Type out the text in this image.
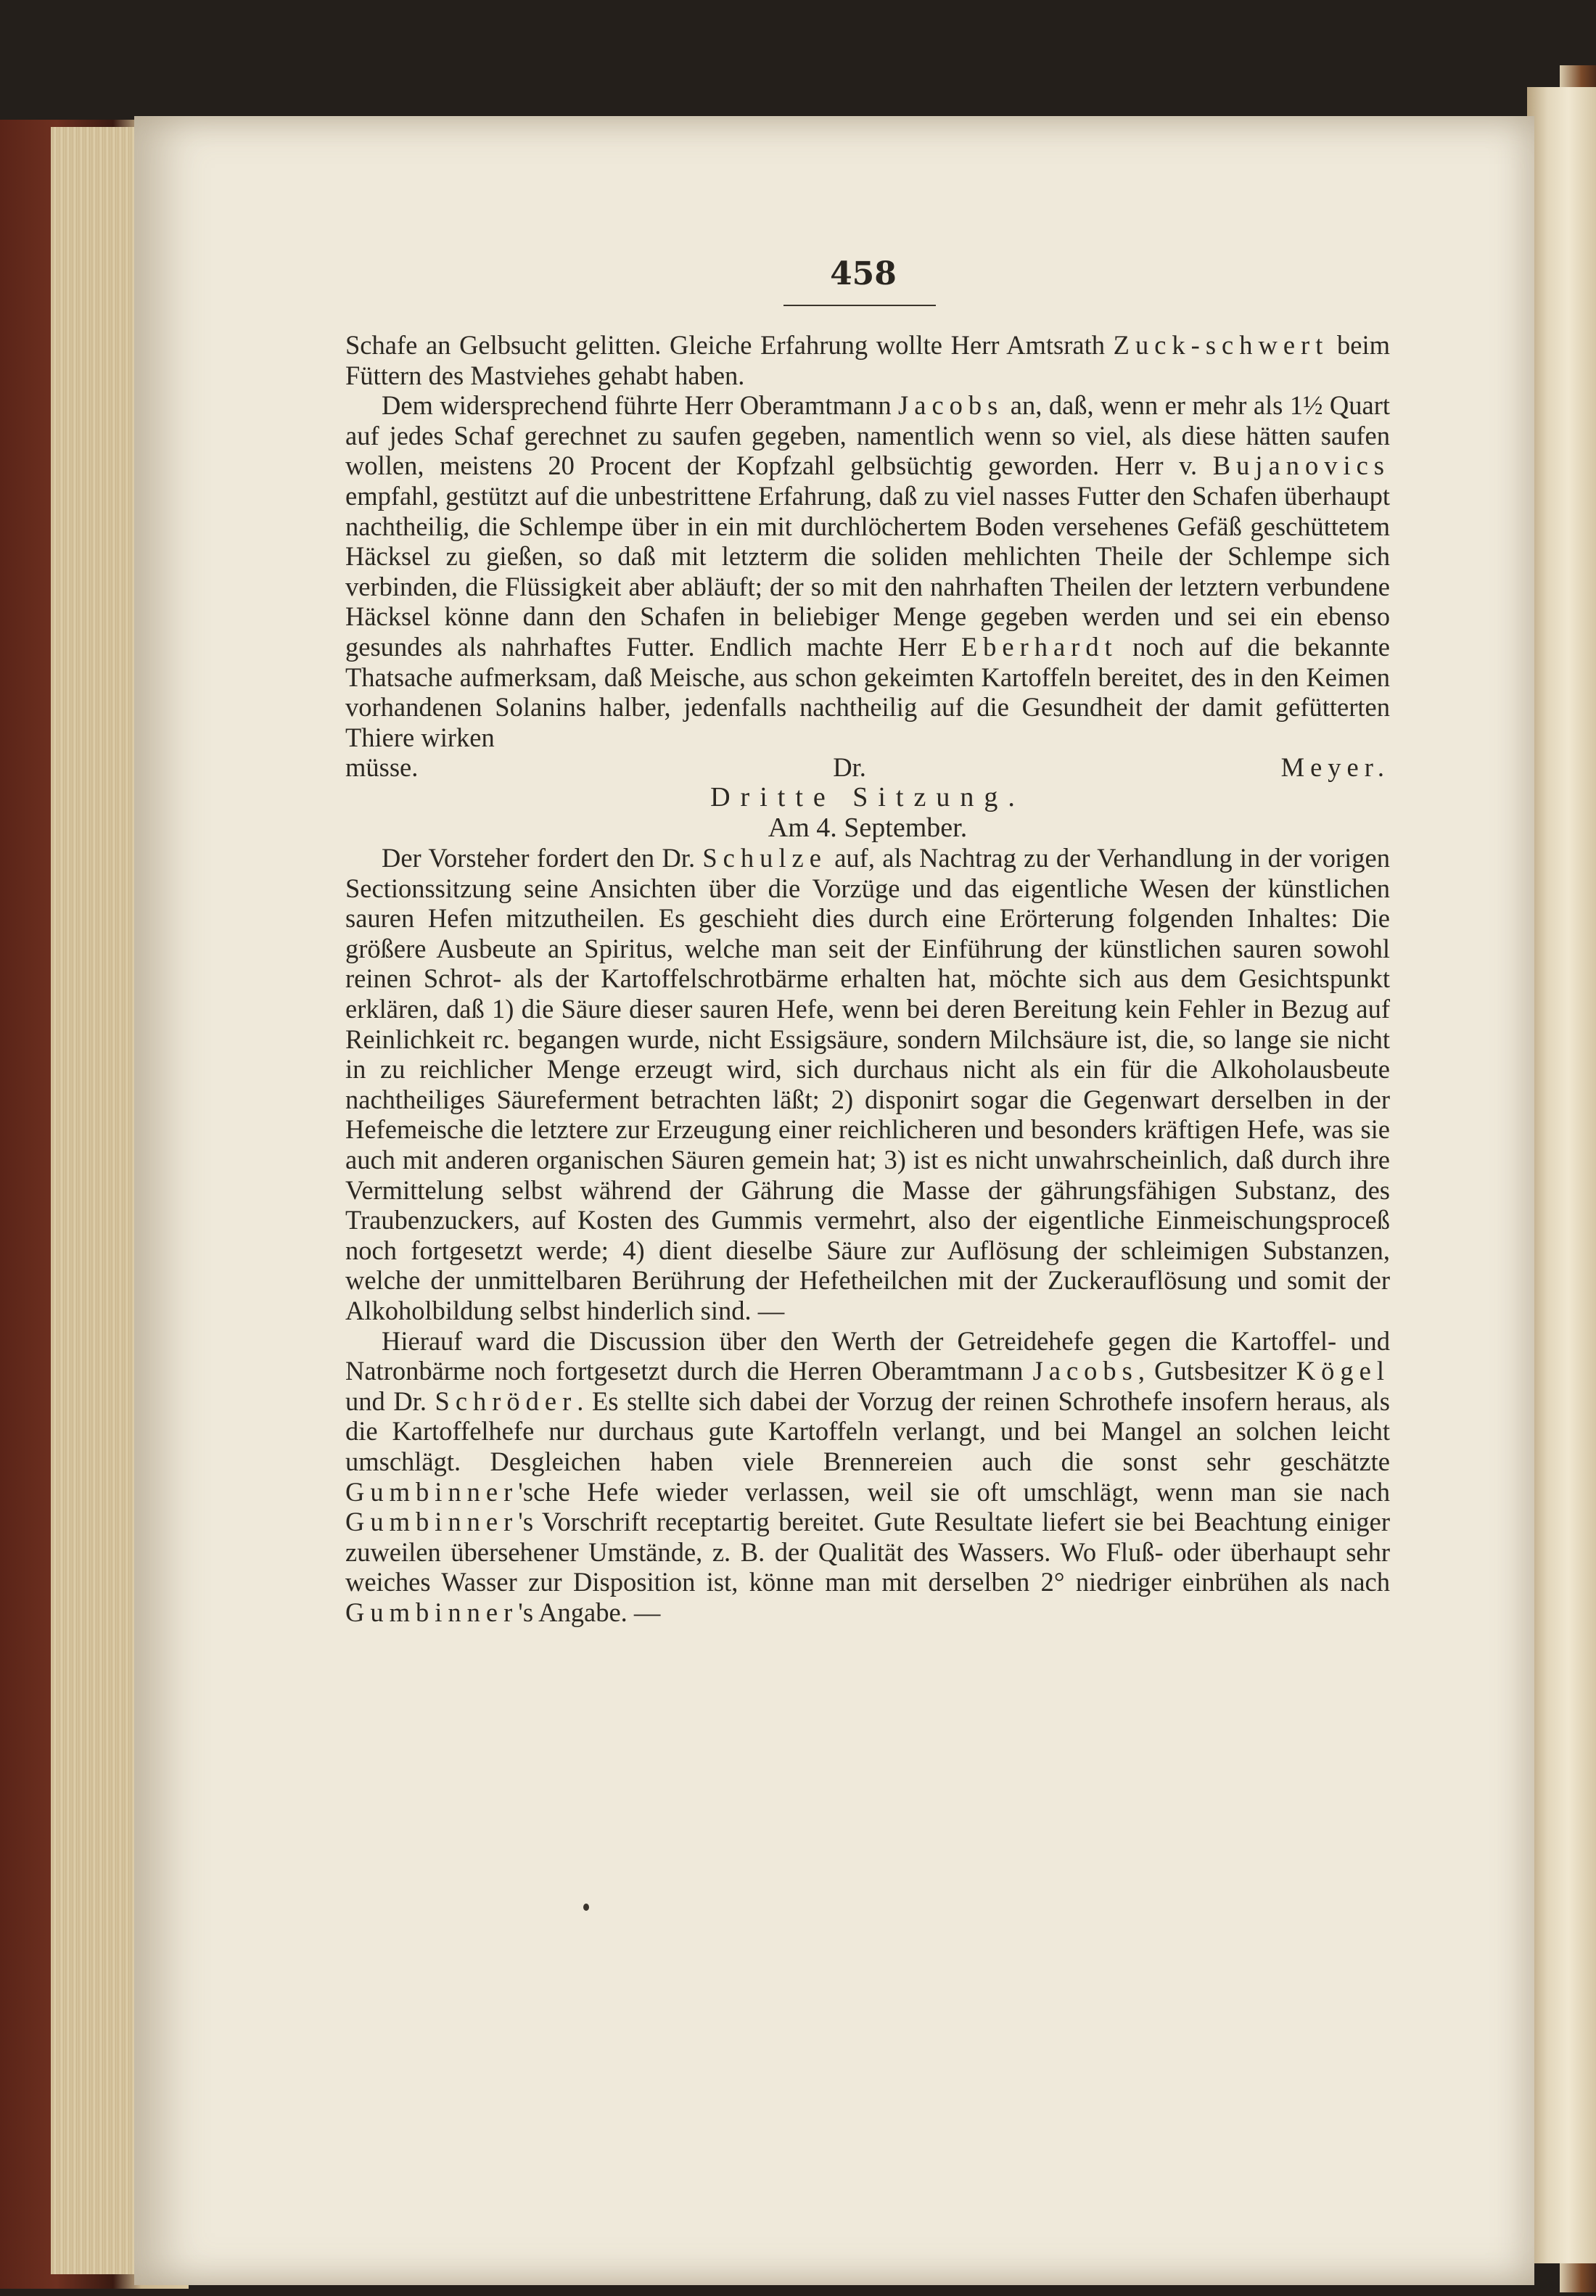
458

Schafe an Gelbsucht gelitten. Gleiche Erfahrung wollte Herr Amtsrath Zuck-schwert beim Füttern des Mastviehes gehabt haben.

Dem widersprechend führte Herr Oberamtmann Jacobs an, daß, wenn er mehr als 1½ Quart auf jedes Schaf gerechnet zu saufen gegeben, namentlich wenn so viel, als diese hätten saufen wollen, meistens 20 Procent der Kopfzahl gelbsüchtig geworden. Herr v. Bujanovics empfahl, gestützt auf die unbestrittene Erfahrung, daß zu viel nasses Futter den Schafen überhaupt nachtheilig, die Schlempe über in ein mit durchlöchertem Boden versehenes Gefäß geschüttetem Häcksel zu gießen, so daß mit letzterm die soliden mehlichten Theile der Schlempe sich verbinden, die Flüssigkeit aber abläuft; der so mit den nahrhaften Theilen der letztern verbundene Häcksel könne dann den Schafen in beliebiger Menge gegeben werden und sei ein ebenso gesundes als nahrhaftes Futter. Endlich machte Herr Eberhardt noch auf die bekannte Thatsache aufmerksam, daß Meische, aus schon gekeimten Kartoffeln bereitet, des in den Keimen vorhandenen Solanins halber, jedenfalls nachtheilig auf die Gesundheit der damit gefütterten Thiere wirken

müsse.	Dr. Meyer.

Dritte Sitzung.

Am 4. September.

Der Vorsteher fordert den Dr. Schulze auf, als Nachtrag zu der Verhandlung in der vorigen Sectionssitzung seine Ansichten über die Vorzüge und das eigentliche Wesen der künstlichen sauren Hefen mitzutheilen. Es geschieht dies durch eine Erörterung folgenden Inhaltes: Die größere Ausbeute an Spiritus, welche man seit der Einführung der künstlichen sauren sowohl reinen Schrot- als der Kartoffelschrotbärme erhalten hat, möchte sich aus dem Gesichtspunkt erklären, daß 1) die Säure dieser sauren Hefe, wenn bei deren Bereitung kein Fehler in Bezug auf Reinlichkeit rc. begangen wurde, nicht Essigsäure, sondern Milchsäure ist, die, so lange sie nicht in zu reichlicher Menge erzeugt wird, sich durchaus nicht als ein für die Alkoholausbeute nachtheiliges Säureferment betrachten läßt; 2) disponirt sogar die Gegenwart derselben in der Hefemeische die letztere zur Erzeugung einer reichlicheren und besonders kräftigen Hefe, was sie auch mit anderen organischen Säuren gemein hat; 3) ist es nicht unwahrscheinlich, daß durch ihre Vermittelung selbst während der Gährung die Masse der gährungsfähigen Substanz, des Traubenzuckers, auf Kosten des Gummis vermehrt, also der eigentliche Einmeischungsproceß noch fortgesetzt werde; 4) dient dieselbe Säure zur Auflösung der schleimigen Substanzen, welche der unmittelbaren Berührung der Hefetheilchen mit der Zuckerauflösung und somit der Alkoholbildung selbst hinderlich sind. —

Hierauf ward die Discussion über den Werth der Getreidehefe gegen die Kartoffel- und Natronbärme noch fortgesetzt durch die Herren Oberamtmann Jacobs, Gutsbesitzer Kögel und Dr. Schröder. Es stellte sich dabei der Vorzug der reinen Schrothefe insofern heraus, als die Kartoffelhefe nur durchaus gute Kartoffeln verlangt, und bei Mangel an solchen leicht umschlägt. Desgleichen haben viele Brennereien auch die sonst sehr geschätzte Gumbinner'sche Hefe wieder verlassen, weil sie oft umschlägt, wenn man sie nach Gumbinner's Vorschrift receptartig bereitet. Gute Resultate liefert sie bei Beachtung einiger zuweilen übersehener Umstände, z. B. der Qualität des Wassers. Wo Fluß- oder überhaupt sehr weiches Wasser zur Disposition ist, könne man mit derselben 2° niedriger einbrühen als nach Gumbinner's Angabe. —
